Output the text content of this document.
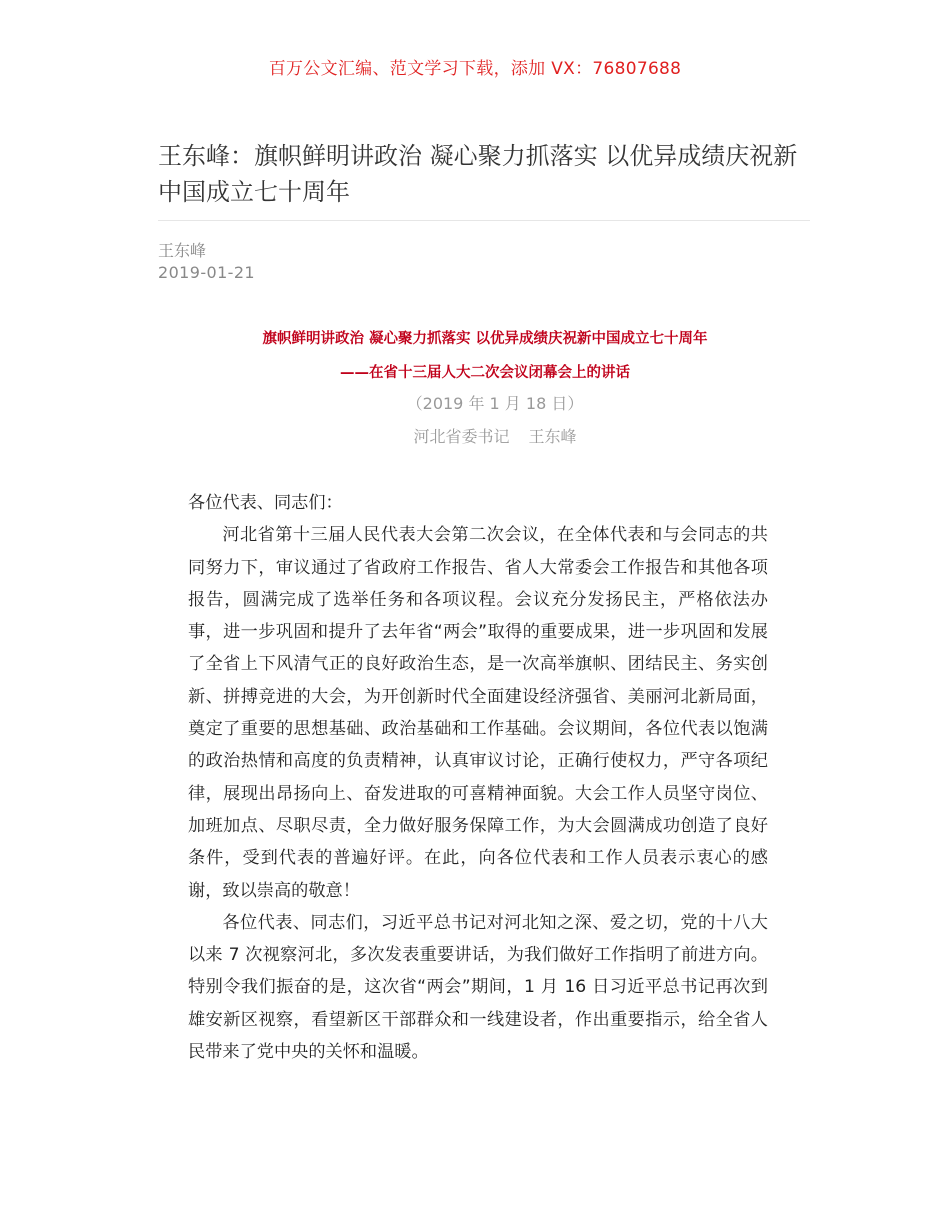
百万公文汇编、范文学习下载，添加 VX：76807688
王东峰：旗帜鲜明讲政治 凝心聚力抓落实 以优异成绩庆祝新中国成立七十周年
王东峰
2019-01-21
旗帜鲜明讲政治 凝心聚力抓落实 以优异成绩庆祝新中国成立七十周年
——在省十三届人大二次会议闭幕会上的讲话
（2019 年 1 月 18 日）
河北省委书记 王东峰

各位代表、同志们：

河北省第十三届人民代表大会第二次会议，在全体代表和与会同志的共同努力下，审议通过了省政府工作报告、省人大常委会工作报告和其他各项报告，圆满完成了选举任务和各项议程。会议充分发扬民主，严格依法办事，进一步巩固和提升了去年省“两会”取得的重要成果，进一步巩固和发展了全省上下风清气正的良好政治生态，是一次高举旗帜、团结民主、务实创新、拼搏竞进的大会，为开创新时代全面建设经济强省、美丽河北新局面，奠定了重要的思想基础、政治基础和工作基础。会议期间，各位代表以饱满的政治热情和高度的负责精神，认真审议讨论，正确行使权力，严守各项纪律，展现出昂扬向上、奋发进取的可喜精神面貌。大会工作人员坚守岗位、加班加点、尽职尽责，全力做好服务保障工作，为大会圆满成功创造了良好条件，受到代表的普遍好评。在此，向各位代表和工作人员表示衷心的感谢，致以崇高的敬意！

各位代表、同志们，习近平总书记对河北知之深、爱之切，党的十八大以来 7 次视察河北，多次发表重要讲话，为我们做好工作指明了前进方向。特别令我们振奋的是，这次省“两会”期间，1 月 16 日习近平总书记再次到雄安新区视察，看望新区干部群众和一线建设者，作出重要指示，给全省人民带来了党中央的关怀和温暖。
